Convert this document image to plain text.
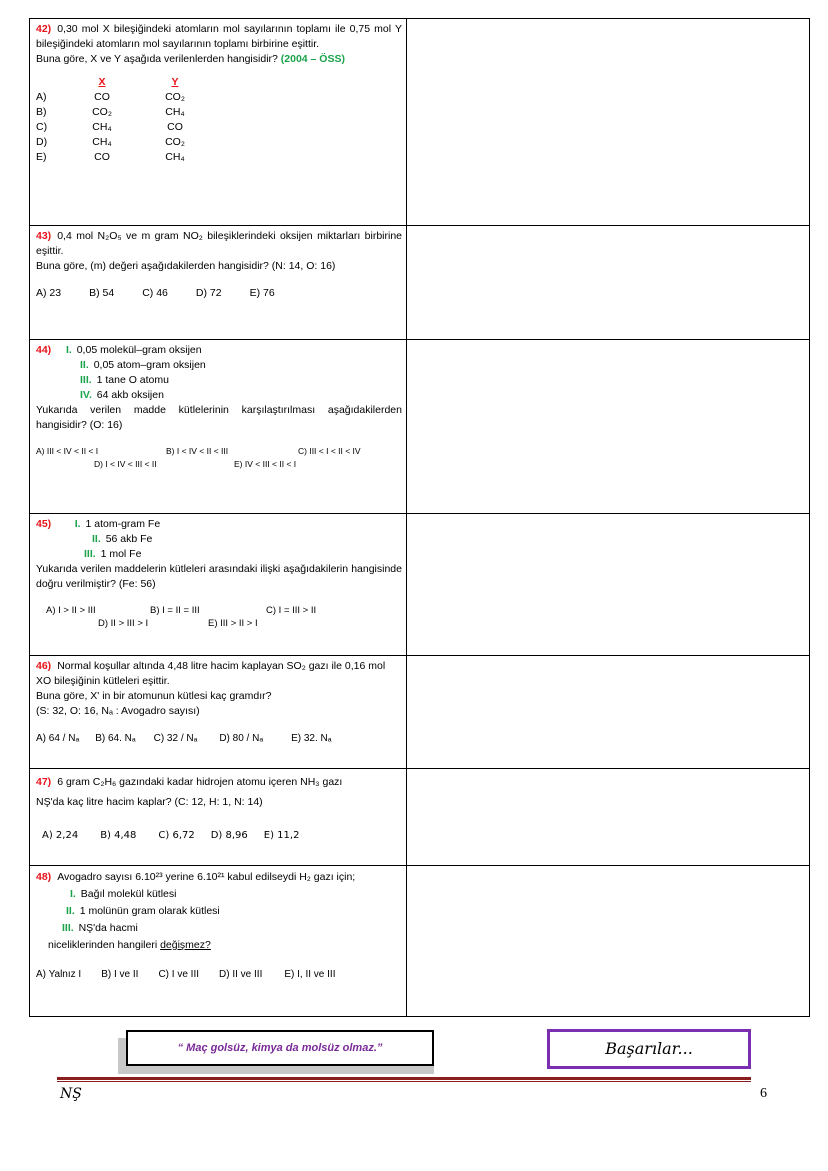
42) 0,30 mol X bileşiğindeki atomların mol sayılarının toplamı ile 0,75 mol Y bileşiğindeki atomların mol sayılarının toplamı birbirine eşittir.
Buna göre, X ve Y aşağıda verilenlerden hangisidir? (2004 – ÖSS)
	X		Y
A)	CO		CO₂
B)	CO₂		CH₄
C)	CH₄		CO
D)	CH₄		CO₂
E)	CO		CH₄
43) 0,4 mol N₂O₅ ve m gram NO₂ bileşiklerindeki oksijen miktarları birbirine eşittir.
Buna göre, (m) değeri aşağıdakilerden hangisidir? (N: 14, O: 16)
A) 23	B) 54	C) 46	D) 72	E) 76
44) I. 0,05 molekül–gram oksijen
II. 0,05 atom–gram oksijen
III. 1 tane O atomu
IV. 64 akb oksijen
Yukarıda verilen madde kütlelerinin karşılaştırılması aşağıdakilerden hangisidir? (O: 16)
A) III < IV < II < I	B) I < IV < II < III	C) III < I < II < IV
D) I < IV < III < II	E) IV < III < II < I
45) I. 1 atom-gram Fe
II. 56 akb Fe
III. 1 mol Fe
Yukarıda verilen maddelerin kütleleri arasındaki ilişki aşağıdakilerin hangisinde doğru verilmiştir? (Fe: 56)
A) I > II > III	B) I = II = III	C) I = III > II
D) II > III > I	E) III > II > I
46) Normal koşullar altında 4,48 litre hacim kaplayan SO₂ gazı ile 0,16 mol XO bileşiğinin kütleleri eşittir.
Buna göre, X' in bir atomunun kütlesi kaç gramdır?
(S: 32, O: 16, Nₐ : Avogadro sayısı)
A) 64 / Nₐ B) 64. Nₐ C) 32 / Nₐ D) 80 / Nₐ	E) 32. Nₐ
47) 6 gram C₂H₆ gazındaki kadar hidrojen atomu içeren NH₃ gazı
NŞ'da kaç litre hacim kaplar? (C: 12, H: 1, N: 14)
A) 2,24 B) 4,48 C) 6,72 D) 8,96 E) 11,2
48) Avogadro sayısı 6.10²³ yerine 6.10²¹ kabul edilseydi H₂ gazı için;
I. Bağıl molekül kütlesi
II. 1 molünün gram olarak kütlesi
III. NŞ'da hacmi
niceliklerinden hangileri değişmez?
A) Yalnız I B) I ve II C) I ve III D) II ve III E) I, II ve III
“ Maç golsüz, kimya da molsüz olmaz.”	Başarılar...
NŞ	6
